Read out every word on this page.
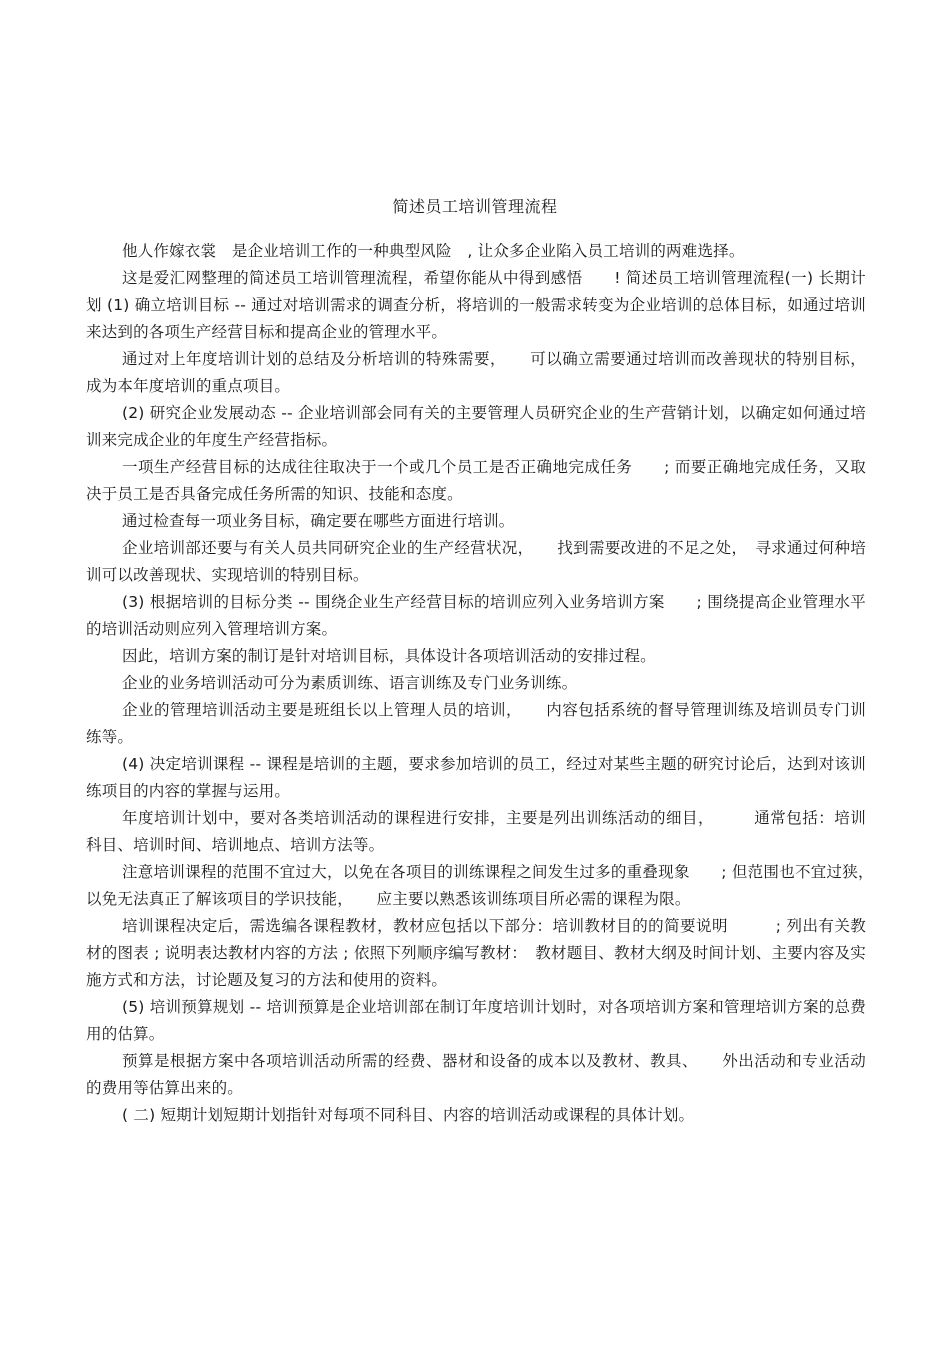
简述员工培训管理流程

他人作嫁衣裳　是企业培训工作的一种典型风险　, 让众多企业陷入员工培训的两难选择。

这是爱汇网整理的简述员工培训管理流程，希望你能从中得到感悟　　! 简述员工培训管理流程(一) 长期计划 (1) 确立培训目标 -- 通过对培训需求的调查分析，将培训的一般需求转变为企业培训的总体目标，如通过培训来达到的各项生产经营目标和提高企业的管理水平。

通过对上年度培训计划的总结及分析培训的特殊需要，　　可以确立需要通过培训而改善现状的特别目标，成为本年度培训的重点项目。

(2) 研究企业发展动态 -- 企业培训部会同有关的主要管理人员研究企业的生产营销计划，以确定如何通过培训来完成企业的年度生产经营指标。

一项生产经营目标的达成往往取决于一个或几个员工是否正确地完成任务　　; 而要正确地完成任务，又取决于员工是否具备完成任务所需的知识、技能和态度。

通过检查每一项业务目标，确定要在哪些方面进行培训。

企业培训部还要与有关人员共同研究企业的生产经营状况，　　找到需要改进的不足之处，　寻求通过何种培训可以改善现状、实现培训的特别目标。

(3) 根据培训的目标分类 -- 围绕企业生产经营目标的培训应列入业务培训方案　　; 围绕提高企业管理水平的培训活动则应列入管理培训方案。

因此，培训方案的制订是针对培训目标，具体设计各项培训活动的安排过程。

企业的业务培训活动可分为素质训练、语言训练及专门业务训练。

企业的管理培训活动主要是班组长以上管理人员的培训，　　内容包括系统的督导管理训练及培训员专门训练等。

(4) 决定培训课程 -- 课程是培训的主题，要求参加培训的员工，经过对某些主题的研究讨论后，达到对该训练项目的内容的掌握与运用。

年度培训计划中，要对各类培训活动的课程进行安排，主要是列出训练活动的细目，　　　通常包括：培训科目、培训时间、培训地点、培训方法等。

注意培训课程的范围不宜过大，以免在各项目的训练课程之间发生过多的重叠现象　　; 但范围也不宜过狭，　以免无法真正了解该项目的学识技能，　　应主要以熟悉该训练项目所必需的课程为限。

培训课程决定后，需选编各课程教材，教材应包括以下部分：培训教材目的的简要说明　　　; 列出有关教材的图表 ; 说明表达教材内容的方法 ; 依照下列顺序编写教材：　教材题目、教材大纲及时间计划、主要内容及实施方式和方法，讨论题及复习的方法和使用的资料。

(5) 培训预算规划 -- 培训预算是企业培训部在制订年度培训计划时，对各项培训方案和管理培训方案的总费用的估算。

预算是根据方案中各项培训活动所需的经费、器材和设备的成本以及教材、教具、　　外出活动和专业活动的费用等估算出来的。

( 二) 短期计划短期计划指针对每项不同科目、内容的培训活动或课程的具体计划。
